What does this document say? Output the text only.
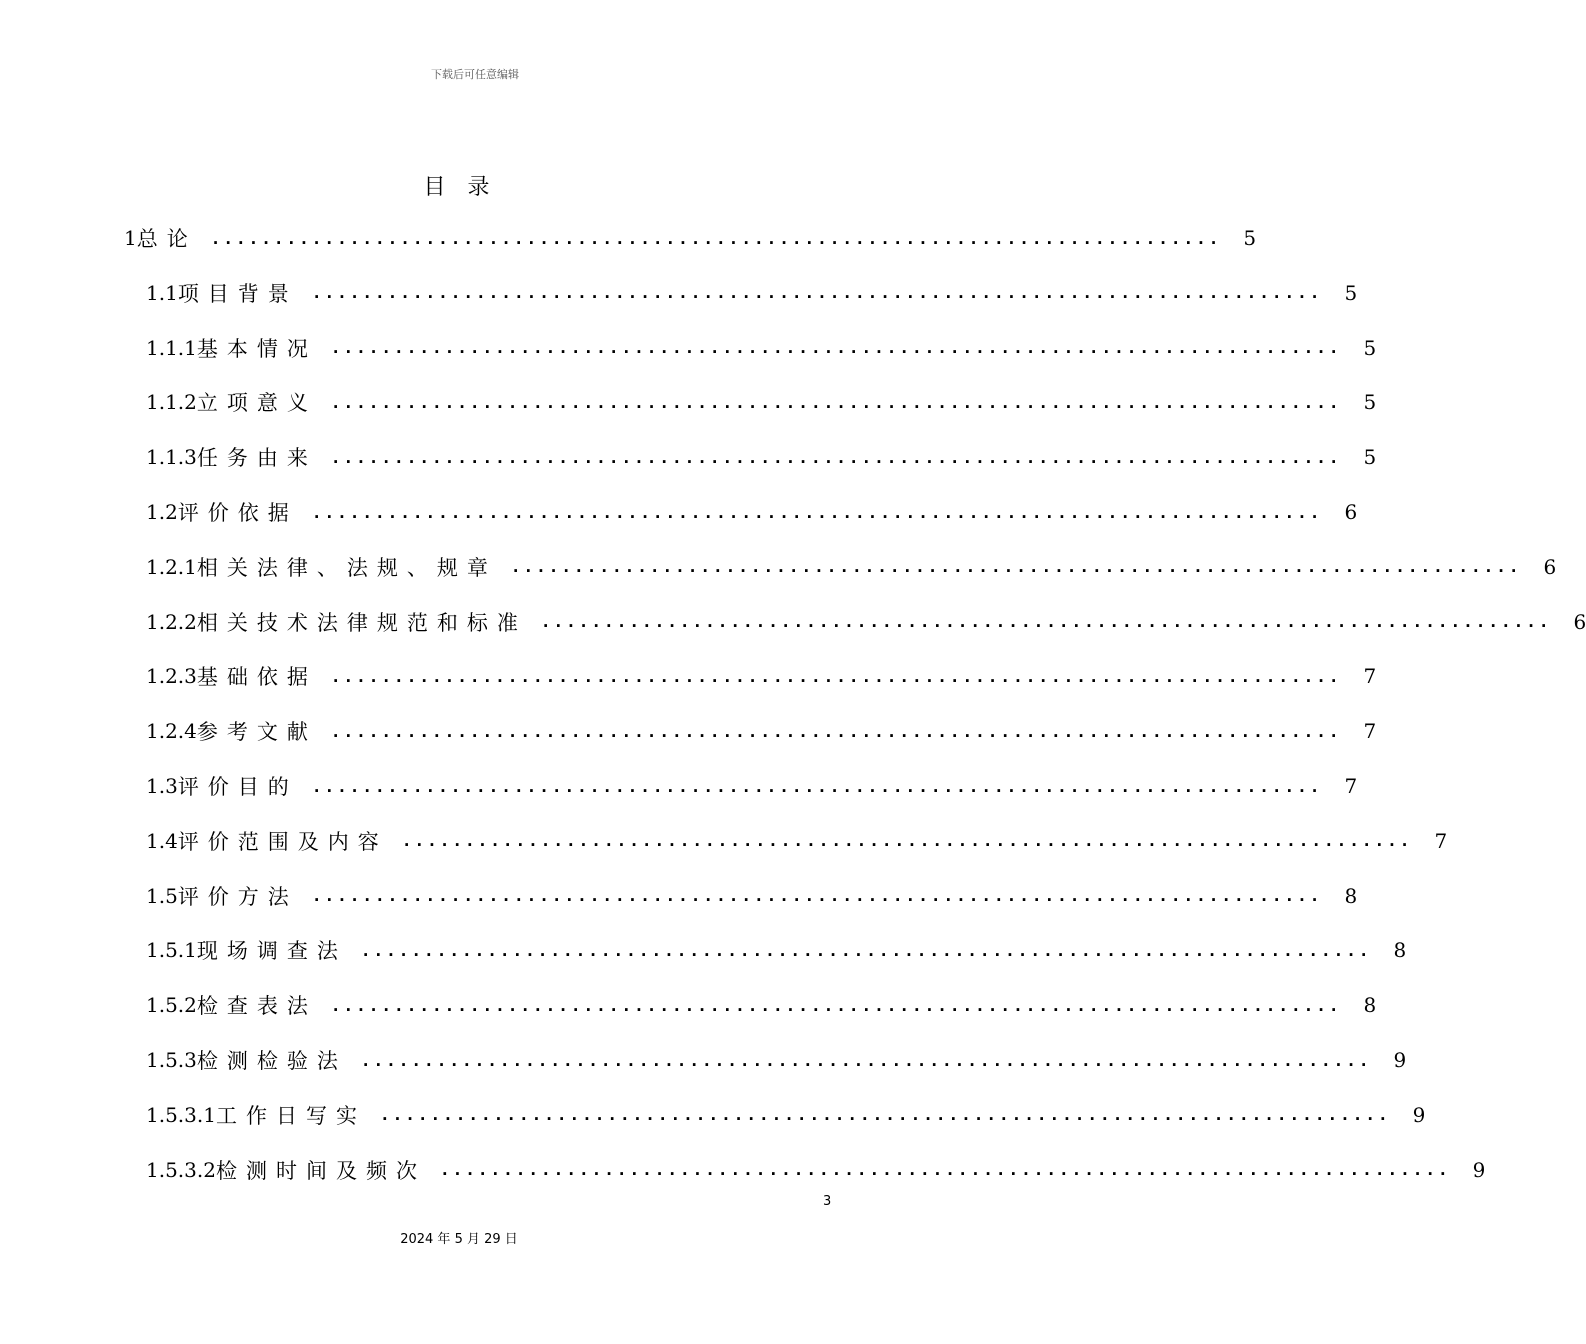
下载后可任意编辑
目录
1 总论 ................................................................................ 5
1.1 项目背景 ................................................................................ 5
1.1.1 基本情况 ................................................................................ 5
1.1.2 立项意义 ................................................................................ 5
1.1.3 任务由来 ................................................................................ 5
1.2 评价依据 ................................................................................ 6
1.2.1 相关法律、法规、规章 ................................................................................ 6
1.2.2 相关技术法律规范和标准 ................................................................................ 6
1.2.3 基础依据 ................................................................................ 7
1.2.4 参考文献 ................................................................................ 7
1.3 评价目的 ................................................................................ 7
1.4 评价范围及内容 ................................................................................ 7
1.5 评价方法 ................................................................................ 8
1.5.1 现场调查法 ................................................................................ 8
1.5.2 检查表法 ................................................................................ 8
1.5.3 检测检验法 ................................................................................ 9
1.5.3.1 工作日写实 ................................................................................ 9
1.5.3.2 检测时间及频次 ................................................................................ 9
3
2024 年 5 月 29 日
